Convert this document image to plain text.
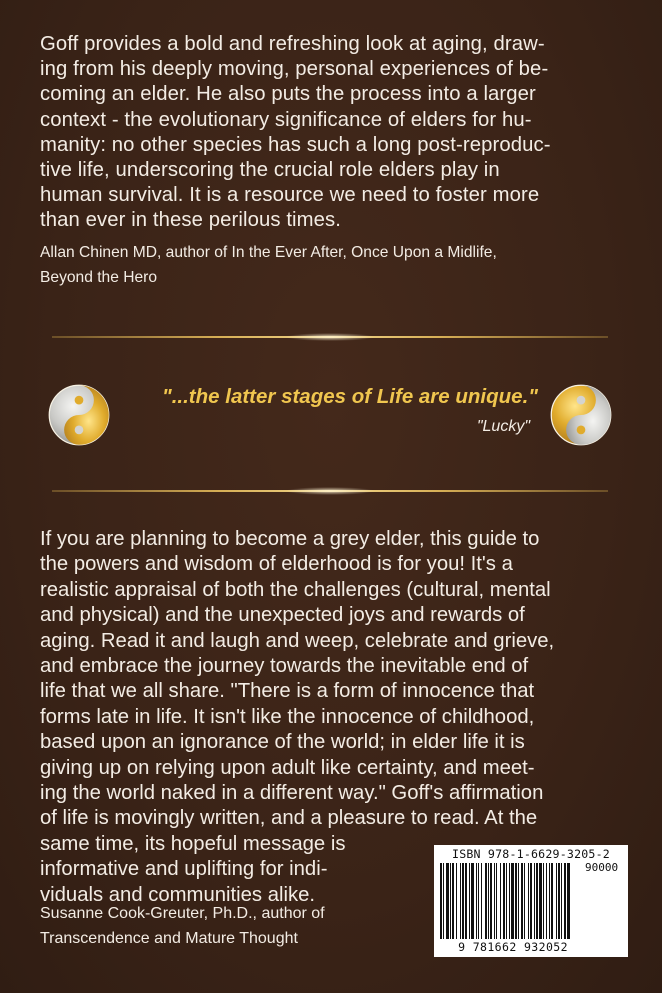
Goff provides a bold and refreshing look at aging, draw-
ing from his deeply moving, personal experiences of be-
coming an elder. He also puts the process into a larger
context - the evolutionary significance of elders for hu-
manity: no other species has such a long post-reproduc-
tive life, underscoring the crucial role elders play in
human survival. It is a resource we need to foster more
than ever in these perilous times.
Allan Chinen MD, author of In the Ever After, Once Upon a Midlife,
Beyond the Hero
"...the latter stages of Life are unique."
"Lucky"
If you are planning to become a grey elder, this guide to
the powers and wisdom of elderhood is for you! It's a
realistic appraisal of both the challenges (cultural, mental
and physical) and the unexpected joys and rewards of
aging. Read it and laugh and weep, celebrate and grieve,
and embrace the journey towards the inevitable end of
life that we all share. "There is a form of innocence that
forms late in life. It isn't like the innocence of childhood,
based upon an ignorance of the world; in elder life it is
giving up on relying upon adult like certainty, and meet-
ing the world naked in a different way." Goff's affirmation
of life is movingly written, and a pleasure to read. At the
same time, its hopeful message is
informative and uplifting for indi-
viduals and communities alike.
Susanne Cook-Greuter, Ph.D., author of
Transcendence and Mature Thought
ISBN 978-1-6629-3205-2
90000
9 781662 932052
